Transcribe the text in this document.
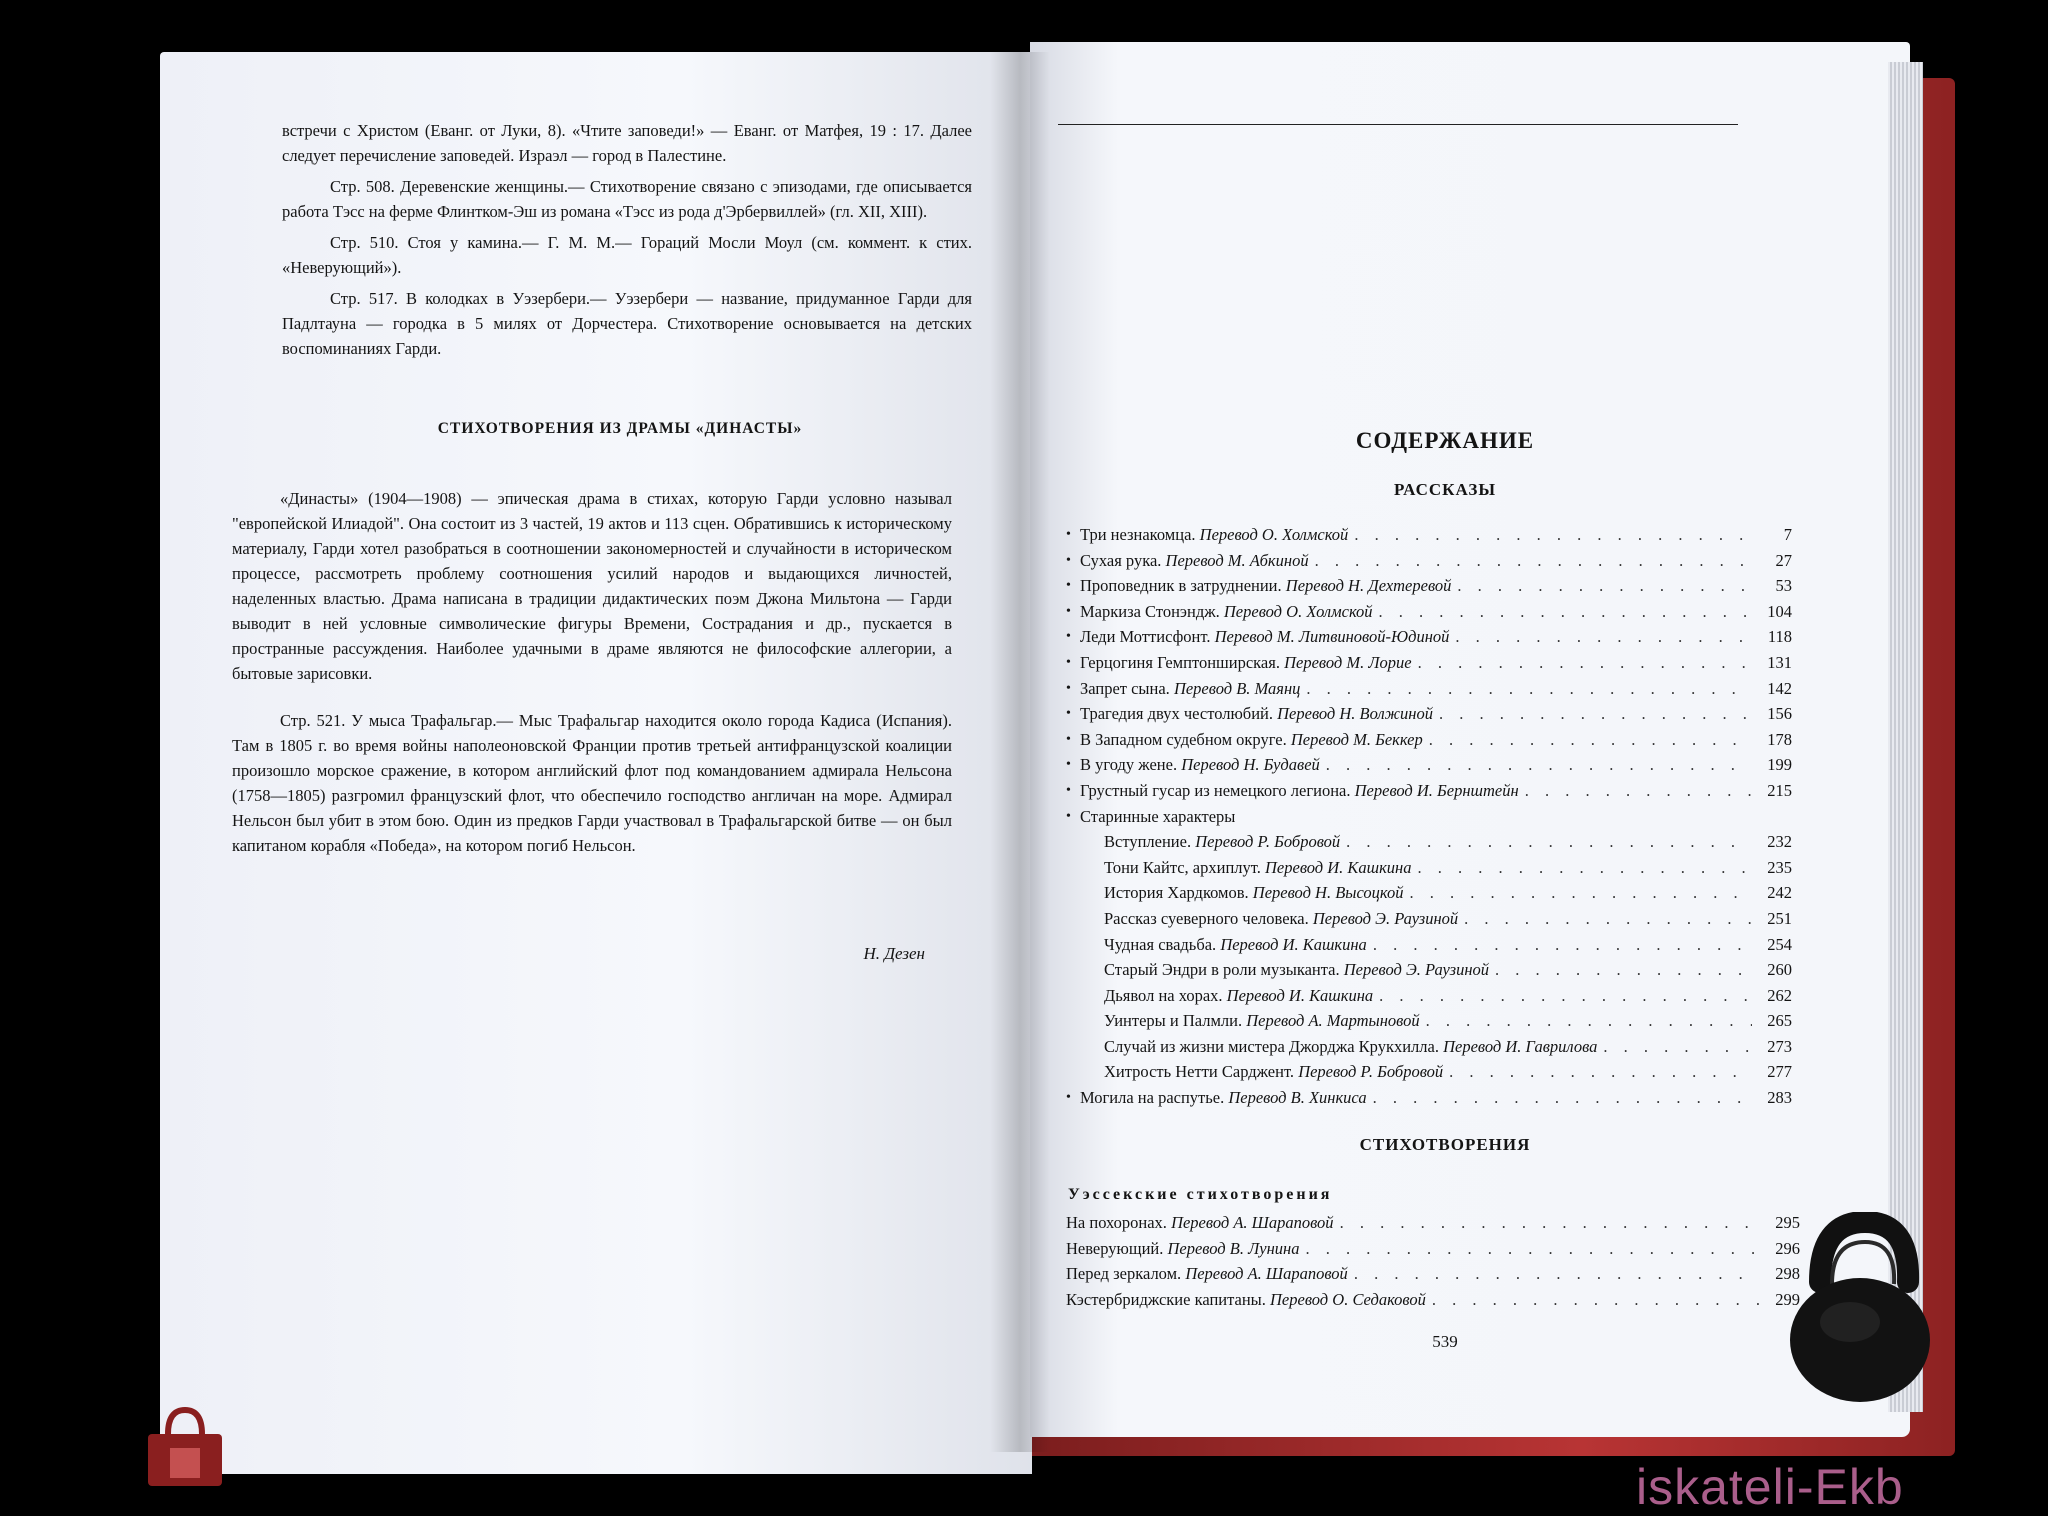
встречи с Христом (Еванг. от Луки, 8). «Чтите заповеди!» — Еванг. от Матфея, 19 : 17. Далее следует перечисление заповедей. Израэл — город в Палестине.

Стр. 508. Деревенские женщины.— Стихотворение связано с эпизодами, где описывается работа Тэсс на ферме Флинтком-Эш из романа «Тэсс из рода д'Эрбервиллей» (гл. XII, XIII).

Стр. 510. Стоя у камина.— Г. М. М.— Гораций Мосли Моул (см. коммент. к стих. «Неверующий»).

Стр. 517. В колодках в Уэзербери.— Уэзербери — название, придуманное Гарди для Падлтауна — городка в 5 милях от Дорчестера. Стихотворение основывается на детских воспоминаниях Гарди.

СТИХОТВОРЕНИЯ ИЗ ДРАМЫ «ДИНАСТЫ»

«Династы» (1904—1908) — эпическая драма в стихах, которую Гарди условно называл "европейской Илиадой". Она состоит из 3 частей, 19 актов и 113 сцен. Обратившись к историческому материалу, Гарди хотел разобраться в соотношении закономерностей и случайности в историческом процессе, рассмотреть проблему соотношения усилий народов и выдающихся личностей, наделенных властью. Драма написана в традиции дидактических поэм Джона Мильтона — Гарди выводит в ней условные символические фигуры Времени, Сострадания и др., пускается в пространные рассуждения. Наиболее удачными в драме являются не философские аллегории, а бытовые зарисовки.

Стр. 521. У мыса Трафальгар.— Мыс Трафальгар находится около города Кадиса (Испания). Там в 1805 г. во время войны наполеоновской Франции против третьей антифранцузской коалиции произошло морское сражение, в котором английский флот под командованием адмирала Нельсона (1758—1805) разгромил французский флот, что обеспечило господство англичан на море. Адмирал Нельсон был убит в этом бою. Один из предков Гарди участвовал в Трафальгарской битве — он был капитаном корабля «Победа», на котором погиб Нельсон.

Н. Дезен
СОДЕРЖАНИЕ
РАССКАЗЫ
• Три незнакомца. Перевод О. Холмской . . .	7
• Сухая рука. Перевод М. Абкиной . . .	27
• Проповедник в затруднении. Перевод Н. Дехтеревой . . .	53
• Маркиза Стонэндж. Перевод О. Холмской . . .	104
• Леди Моттисфонт. Перевод М. Литвиновой-Юдиной . . .	118
• Герцогиня Гемптонширская. Перевод М. Лорие . . .	131
• Запрет сына. Перевод В. Маянц . . .	142
• Трагедия двух честолюбий. Перевод Н. Волжиной . . .	156
• В Западном судебном округе. Перевод М. Беккер . . .	178
• В угоду жене. Перевод Н. Будавей . . .	199
• Грустный гусар из немецкого легиона. Перевод И. Бернштейн . . .	215
• Старинные характеры
Вступление. Перевод Р. Бобровой . . .	232
Тони Кайтс, архиплут. Перевод И. Кашкина . . .	235
История Хардкомов. Перевод Н. Высоцкой . . .	242
Рассказ суеверного человека. Перевод Э. Раузиной . . .	251
Чудная свадьба. Перевод И. Кашкина . . .	254
Старый Эндри в роли музыканта. Перевод Э. Раузиной . . .	260
Дьявол на хорах. Перевод И. Кашкина . . .	262
Уинтеры и Палмли. Перевод А. Мартыновой . . .	265
Случай из жизни мистера Джорджа Крукхилла. Перевод И. Гаврилова . . .	273
Хитрость Нетти Сарджент. Перевод Р. Бобровой . . .	277
• Могила на распутье. Перевод В. Хинкиса . . .	283
СТИХОТВОРЕНИЯ
Уэссекские стихотворения
На похоронах. Перевод А. Шараповой . . .	295
Неверующий. Перевод В. Лунина . . .	296
Перед зеркалом. Перевод А. Шараповой . . .	298
Кэстербриджские капитаны. Перевод О. Седаковой . . .	299
539
iskateli-Ekb
